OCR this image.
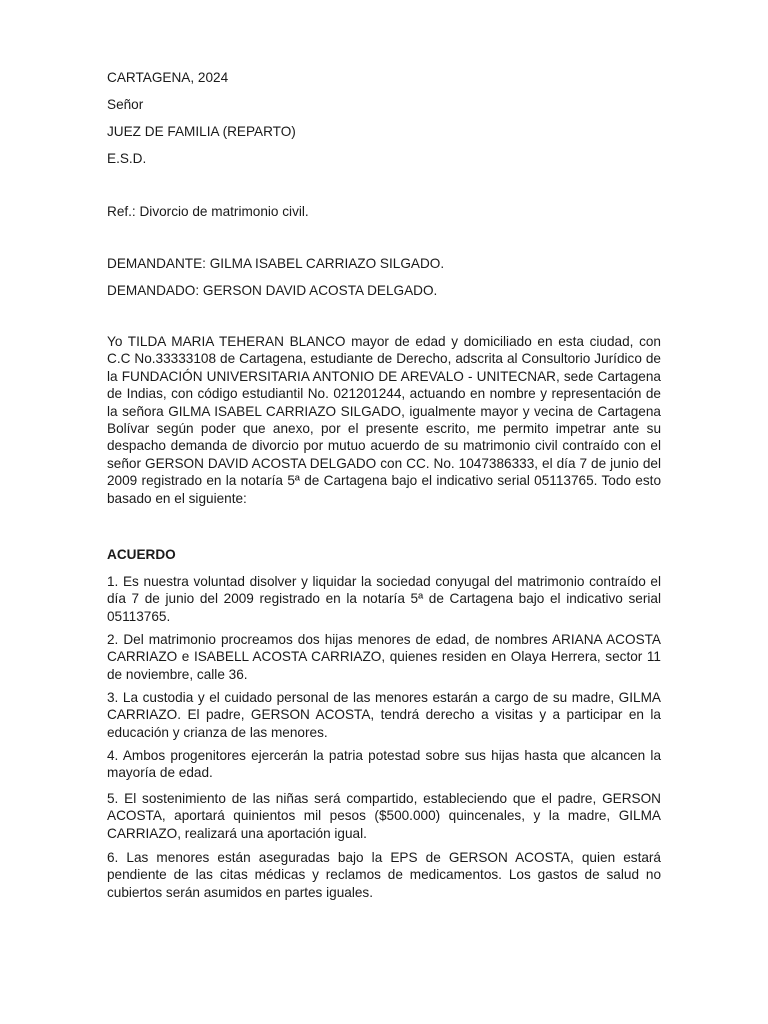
CARTAGENA, 2024
Señor
JUEZ DE FAMILIA (REPARTO)
E.S.D.
Ref.: Divorcio de matrimonio civil.
DEMANDANTE: GILMA ISABEL CARRIAZO SILGADO.
DEMANDADO: GERSON DAVID ACOSTA DELGADO.
Yo TILDA MARIA TEHERAN BLANCO mayor de edad y domiciliado en esta ciudad, con C.C No.33333108 de Cartagena, estudiante de Derecho, adscrita al Consultorio Jurídico de la FUNDACIÓN UNIVERSITARIA ANTONIO DE AREVALO - UNITECNAR, sede Cartagena de Indias, con código estudiantil No. 021201244, actuando en nombre y representación de la señora GILMA ISABEL CARRIAZO SILGADO, igualmente mayor y vecina de Cartagena Bolívar según poder que anexo, por el presente escrito, me permito impetrar ante su despacho demanda de divorcio por mutuo acuerdo de su matrimonio civil contraído con el señor GERSON DAVID ACOSTA DELGADO con CC. No. 1047386333, el día 7 de junio del 2009 registrado en la notaría 5ª de Cartagena bajo el indicativo serial 05113765. Todo esto basado en el siguiente:
ACUERDO
1. Es nuestra voluntad disolver y liquidar la sociedad conyugal del matrimonio contraído el día 7 de junio del 2009 registrado en la notaría 5ª de Cartagena bajo el indicativo serial 05113765.
2. Del matrimonio procreamos dos hijas menores de edad, de nombres ARIANA ACOSTA CARRIAZO e ISABELL ACOSTA CARRIAZO, quienes residen en Olaya Herrera, sector 11 de noviembre, calle 36.
3. La custodia y el cuidado personal de las menores estarán a cargo de su madre, GILMA CARRIAZO. El padre, GERSON ACOSTA, tendrá derecho a visitas y a participar en la educación y crianza de las menores.
4. Ambos progenitores ejercerán la patria potestad sobre sus hijas hasta que alcancen la mayoría de edad.
5. El sostenimiento de las niñas será compartido, estableciendo que el padre, GERSON ACOSTA, aportará quinientos mil pesos ($500.000) quincenales, y la madre, GILMA CARRIAZO, realizará una aportación igual.
6. Las menores están aseguradas bajo la EPS de GERSON ACOSTA, quien estará pendiente de las citas médicas y reclamos de medicamentos. Los gastos de salud no cubiertos serán asumidos en partes iguales.
